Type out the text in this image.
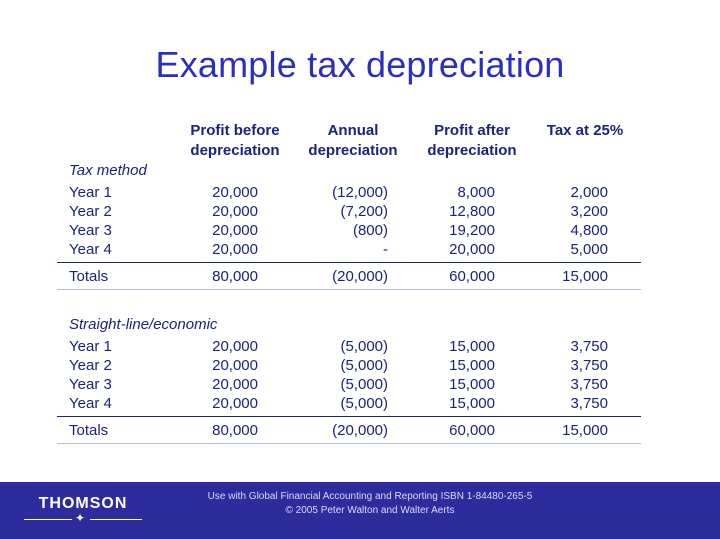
Example tax depreciation
Profit before
depreciation
Annual
depreciation
Profit after
depreciation
Tax at 25%
Tax method
Year 1	20,000	(12,000)	8,000	2,000
Year 2	20,000	(7,200)	12,800	3,200
Year 3	20,000	(800)	19,200	4,800
Year 4	20,000	-	20,000	5,000
Totals	80,000	(20,000)	60,000	15,000
Straight-line/economic
Year 1	20,000	(5,000)	15,000	3,750
Year 2	20,000	(5,000)	15,000	3,750
Year 3	20,000	(5,000)	15,000	3,750
Year 4	20,000	(5,000)	15,000	3,750
Totals	80,000	(20,000)	60,000	15,000
THOMSON
✦
Use with Global Financial Accounting and Reporting ISBN 1-84480-265-5
© 2005 Peter Walton and Walter Aerts
